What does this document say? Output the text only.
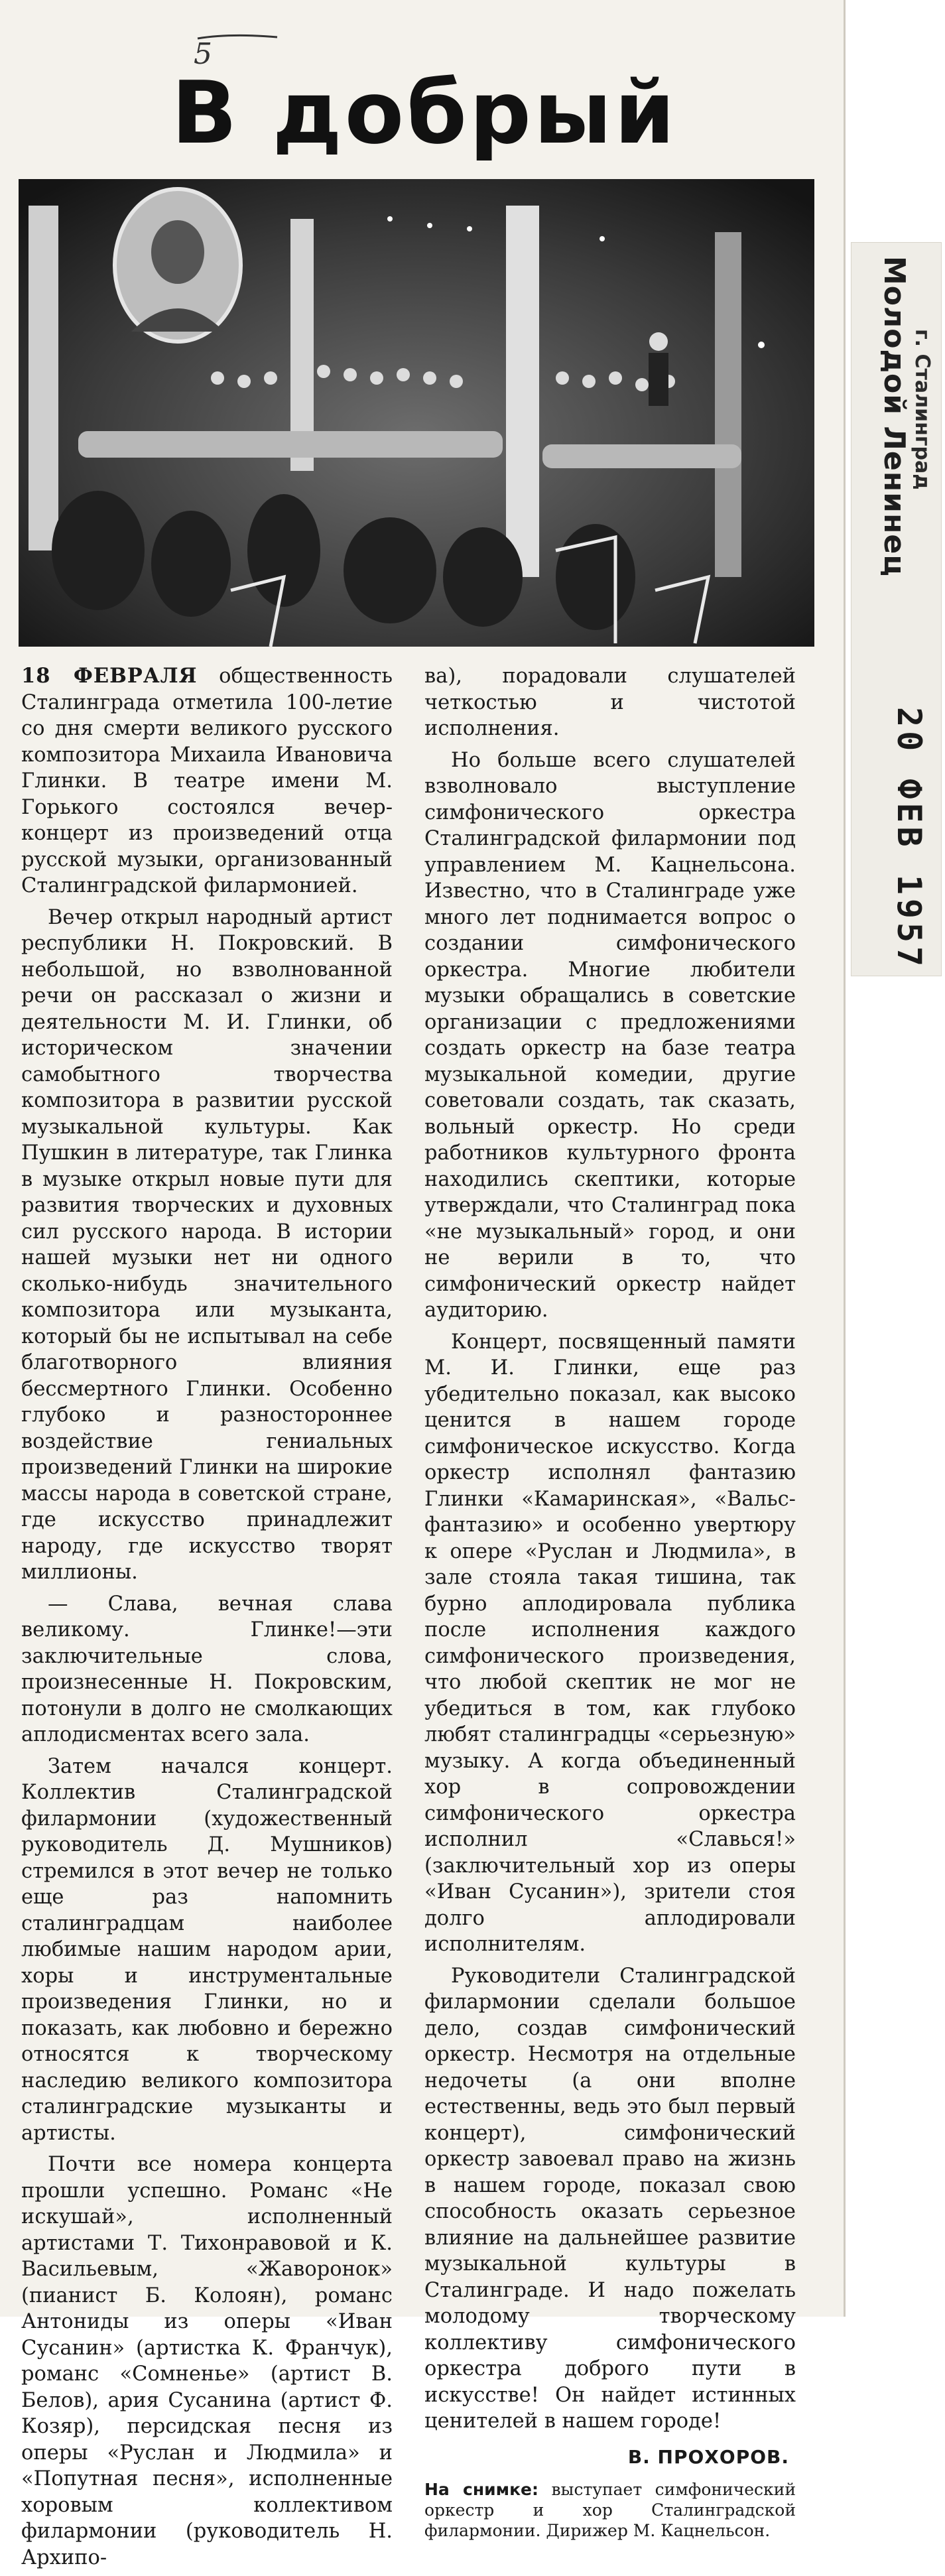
5
В добрый

18 ФЕВРАЛЯ общественность Сталинграда отметила 100-летие со дня смерти великого русского композитора Михаила Ивановича Глинки. В театре имени М. Горького состоялся вечер-концерт из произведений отца русской музыки, организованный Сталинградской филармонией.

Вечер открыл народный артист республики Н. Покровский. В небольшой, но взволнованной речи он рассказал о жизни и деятельности М. И. Глинки, об историческом значении самобытного творчества композитора в развитии русской музыкальной культуры. Как Пушкин в литературе, так Глинка в музыке открыл новые пути для развития творческих и духовных сил русского народа. В истории нашей музыки нет ни одного сколько-нибудь значительного композитора или музыканта, который бы не испытывал на себе благотворного влияния бессмертного Глинки. Особенно глубоко и разностороннее воздействие гениальных произведений Глинки на широкие массы народа в советской стране, где искусство принадлежит народу, где искусство творят миллионы.

— Слава, вечная слава великому. Глинке!—эти заключительные слова, произнесенные Н. Покровским, потонули в долго не смолкающих аплодисментах всего зала.

Затем начался концерт. Коллектив Сталинградской филармонии (художественный руководитель Д. Мушников) стремился в этот вечер не только еще раз напомнить сталинградцам наиболее любимые нашим народом арии, хоры и инструментальные произведения Глинки, но и показать, как любовно и бережно относятся к творческому наследию великого композитора сталинградские музыканты и артисты.

Почти все номера концерта прошли успешно. Романс «Не искушай», исполненный артистами Т. Тихонравовой и К. Васильевым, «Жаворонок» (пианист Б. Колоян), романс Антониды из оперы «Иван Сусанин» (артистка К. Франчук), романс «Сомненье» (артист В. Белов), ария Сусанина (артист Ф. Козяр), персидская песня из оперы «Руслан и Людмила» и «Попутная песня», исполненные хоровым коллективом филармонии (руководитель Н. Архипо-

ва), порадовали слушателей четкостью и чистотой исполнения.

Но больше всего слушателей взволновало выступление симфонического оркестра Сталинградской филармонии под управлением М. Кацнельсона. Известно, что в Сталинграде уже много лет поднимается вопрос о создании симфонического оркестра. Многие любители музыки обращались в советские организации с предложениями создать оркестр на базе театра музыкальной комедии, другие советовали создать, так сказать, вольный оркестр. Но среди работников культурного фронта находились скептики, которые утверждали, что Сталинград пока «не музыкальный» город, и они не верили в то, что симфонический оркестр найдет аудиторию.

Концерт, посвященный памяти М. И. Глинки, еще раз убедительно показал, как высоко ценится в нашем городе симфоническое искусство. Когда оркестр исполнял фантазию Глинки «Камаринская», «Вальс-фантазию» и особенно увертюру к опере «Руслан и Людмила», в зале стояла такая тишина, так бурно аплодировала публика после исполнения каждого симфонического произведения, что любой скептик не мог не убедиться в том, как глубоко любят сталинградцы «серьезную» музыку. А когда объединенный хор в сопровождении симфонического оркестра исполнил «Славься!» (заключительный хор из оперы «Иван Сусанин»), зрители стоя долго аплодировали исполнителям.

Руководители Сталинградской филармонии сделали большое дело, создав симфонический оркестр. Несмотря на отдельные недочеты (а они вполне естественны, ведь это был первый концерт), симфонический оркестр завоевал право на жизнь в нашем городе, показал свою способность оказать серьезное влияние на дальнейшее развитие музыкальной культуры в Сталинграде. И надо пожелать молодому творческому коллективу симфонического оркестра доброго пути в искусстве! Он найдет истинных ценителей в нашем городе!

В. ПРОХОРОВ.
На снимке: выступает симфонический оркестр и хор Сталинградской филармонии. Дирижер М. Кацнельсон.
Молодой Ленинец г. Сталинград
20 ФЕВ 1957
